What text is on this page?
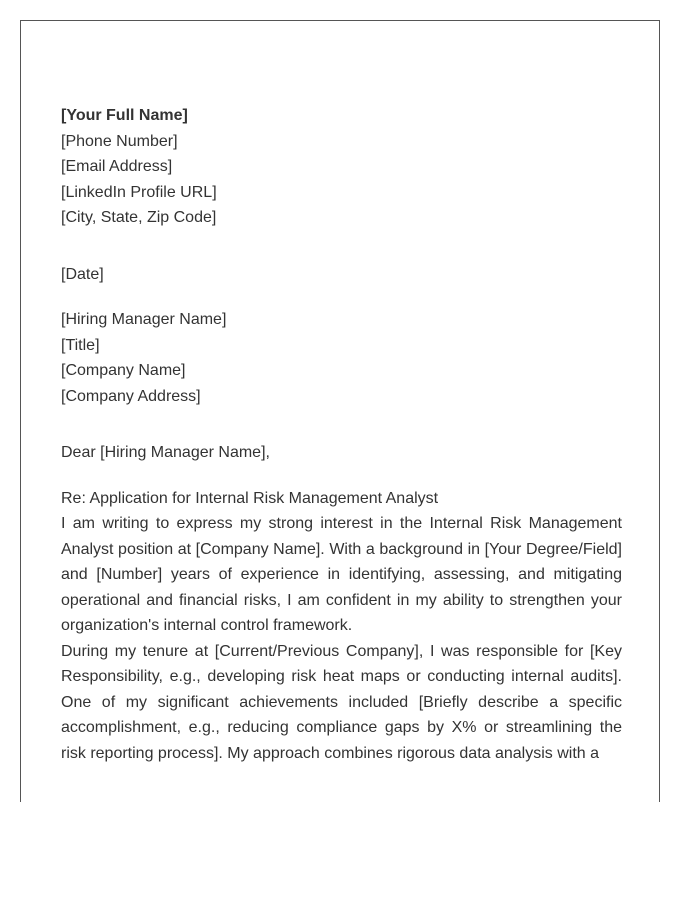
[Your Full Name]

[Phone Number]

[Email Address]

[LinkedIn Profile URL]

[City, State, Zip Code]

[Date]

[Hiring Manager Name]

[Title]

[Company Name]

[Company Address]

Dear [Hiring Manager Name],

Re: Application for Internal Risk Management Analyst

I am writing to express my strong interest in the Internal Risk Management Analyst position at [Company Name]. With a background in [Your Degree/Field] and [Number] years of experience in identifying, assessing, and mitigating operational and financial risks, I am confident in my ability to strengthen your organization's internal control framework.

During my tenure at [Current/Previous Company], I was responsible for [Key Responsibility, e.g., developing risk heat maps or conducting internal audits]. One of my significant achievements included [Briefly describe a specific accomplishment, e.g., reducing compliance gaps by X% or streamlining the risk reporting process]. My approach combines rigorous data analysis with a
